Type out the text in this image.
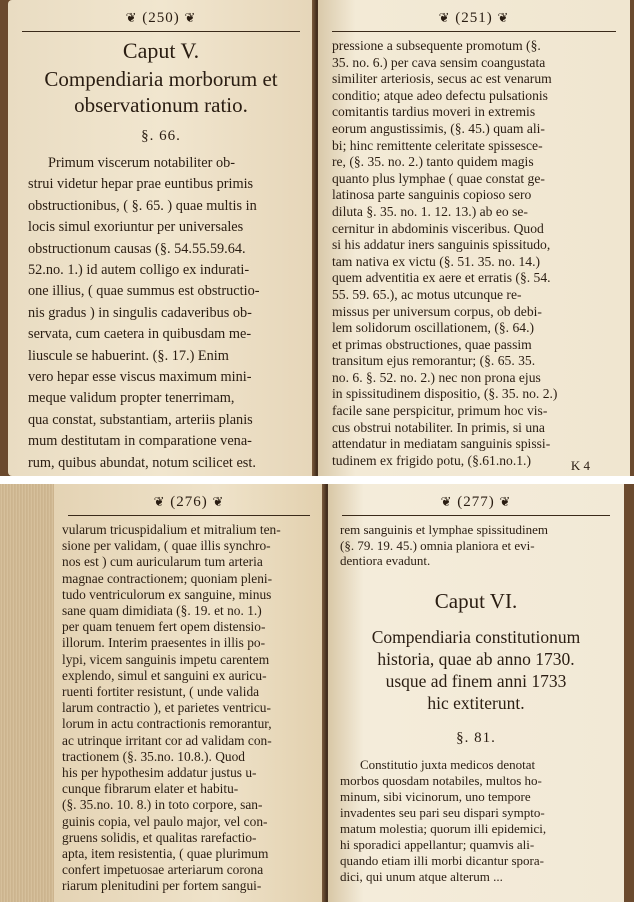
❦ (250) ❦
Caput V.
Compendiaria morborum et
observationum ratio.
§. 66.
Primum viscerum notabiliter ob-
strui videtur hepar prae euntibus primis
obstructionibus, ( §. 65. ) quae multis in
locis simul exoriuntur per universales
obstructionum causas (§. 54.55.59.64.
52.no. 1.) id autem colligo ex indurati-
one illius, ( quae summus est obstructio-
nis gradus ) in singulis cadaveribus ob-
servata, cum caetera in quibusdam me-
liuscule se habuerint. (§. 17.) Enim
vero hepar esse viscus maximum mini-
meque validum propter tenerrimam,
qua constat, substantiam, arteriis planis
mum destitutam in comparatione vena-
rum, quibus abundat, notum scilicet est.
❦ (251) ❦
pressione a subsequente promotum (§.
35. no. 6.) per cava sensim coangustata
similiter arteriosis, secus ac est venarum
conditio; atque adeo defectu pulsationis
comitantis tardius moveri in extremis
eorum angustissimis, (§. 45.) quam ali-
bi; hinc remittente celeritate spissesce-
re, (§. 35. no. 2.) tanto quidem magis
quanto plus lymphae ( quae constat ge-
latinosa parte sanguinis copioso sero
diluta §. 35. no. 1. 12. 13.) ab eo se-
cernitur in abdominis visceribus. Quod
si his addatur iners sanguinis spissitudo,
tam nativa ex victu (§. 51. 35. no. 14.)
quem adventitia ex aere et erratis (§. 54.
55. 59. 65.), ac motus utcunque re-
missus per universum corpus, ob debi-
lem solidorum oscillationem, (§. 64.)
et primas obstructiones, quae passim
transitum ejus remorantur; (§. 65. 35.
no. 6. §. 52. no. 2.) nec non prona ejus
in spissitudinem dispositio, (§. 35. no. 2.)
facile sane perspicitur, primum hoc vis-
cus obstrui notabiliter. In primis, si una
attendatur in mediatam sanguinis spissi-
tudinem ex frigido potu, (§.61.no.1.)	K 4
❦ (276) ❦
vularum tricuspidalium et mitralium ten-
sione per validam, ( quae illis synchro-
nos est ) cum auricularum tum arteria
magnae contractionem; quoniam pleni-
tudo ventriculorum ex sanguine, minus
sane quam dimidiata (§. 19. et no. 1.)
per quam tenuem fert opem distensio-
illorum. Interim praesentes in illis po-
lypi, vicem sanguinis impetu carentem
explendo, simul et sanguini ex auricu-
ruenti fortiter resistunt, ( unde valida
larum contractio ), et parietes ventricu-
lorum in actu contractionis remorantur,
ac utrinque irritant cor ad validam con-
tractionem (§. 35.no. 10.8.). Quod
his per hypothesim addatur justus u-
cunque fibrarum elater et habitu-
(§. 35.no. 10. 8.) in toto corpore, san-
guinis copia, vel paulo major, vel con-
gruens solidis, et qualitas rarefactio-
apta, item resistentia, ( quae plurimum
confert impetuosae arteriarum corona
riarum plenitudini per fortem sangui-
❦ (277) ❦
rem sanguinis et lymphae spissitudinem
(§. 79. 19. 45.) omnia planiora et evi-
dentiora evadunt.
Caput VI.
Compendiaria constitutionum
historia, quae ab anno 1730.
usque ad finem anni 1733
hic extiterunt.
§. 81.
Constitutio juxta medicos denotat
morbos quosdam notabiles, multos ho-
minum, sibi vicinorum, uno tempore
invadentes seu pari seu dispari sympto-
matum molestia; quorum illi epidemici,
hi sporadici appellantur; quamvis ali-
quando etiam illi morbi dicantur spora-
dici, qui unum atque alterum ...
